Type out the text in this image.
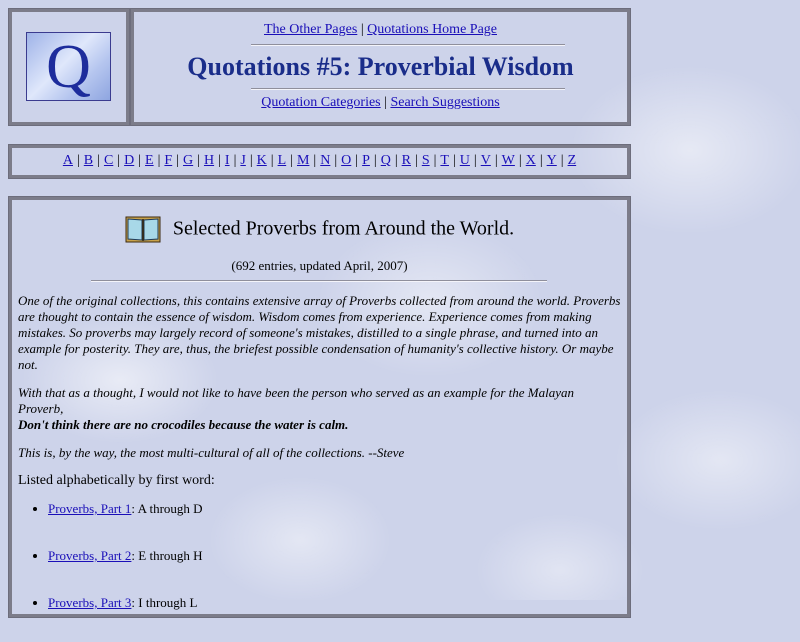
Q
The Other Pages | Quotations Home Page
Quotations #5: Proverbial Wisdom
Quotation Categories | Search Suggestions
A | B | C | D | E | F | G | H | I | J | K | L | M | N | O | P | Q | R | S | T | U | V | W | X | Y | Z
Selected Proverbs from Around the World.
(692 entries, updated April, 2007)

One of the original collections, this contains extensive array of Proverbs collected from around the world. Proverbs are thought to contain the essence of wisdom. Wisdom comes from experience. Experience comes from making mistakes. So proverbs may largely record of someone's mistakes, distilled to a single phrase, and turned into an example for posterity. They are, thus, the briefest possible condensation of humanity's collective history. Or maybe not.

With that as a thought, I would not like to have been the person who served as an example for the Malayan Proverb,
Don't think there are no crocodiles because the water is calm.

This is, by the way, the most multi-cultural of all of the collections. --Steve

Listed alphabetically by first word:

• Proverbs, Part 1: A through D
• Proverbs, Part 2: E through H
• Proverbs, Part 3: I through L
